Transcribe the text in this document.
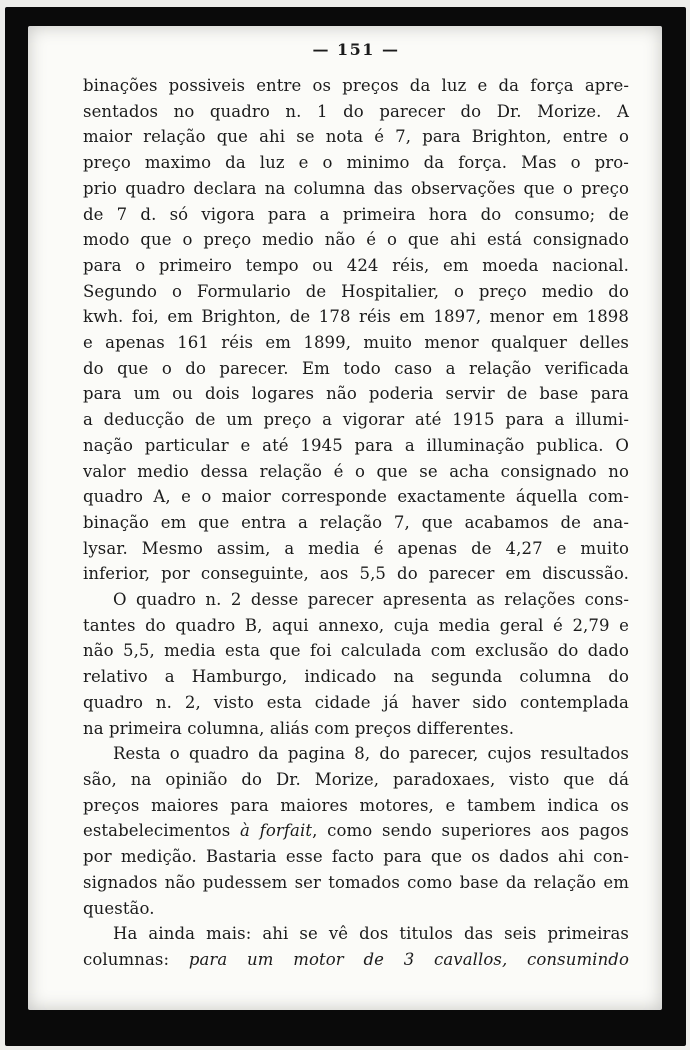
— 151 —
binações possiveis entre os preços da luz e da força apre-
sentados no quadro n. 1 do parecer do Dr. Morize. A
maior relação que ahi se nota é 7, para Brighton, entre o
preço maximo da luz e o minimo da força. Mas o pro-
prio quadro declara na columna das observações que o preço
de 7 d. só vigora para a primeira hora do consumo; de
modo que o preço medio não é o que ahi está consignado
para o primeiro tempo ou 424 réis, em moeda nacional.
Segundo o Formulario de Hospitalier, o preço medio do
kwh. foi, em Brighton, de 178 réis em 1897, menor em 1898
e apenas 161 réis em 1899, muito menor qualquer delles
do que o do parecer. Em todo caso a relação verificada
para um ou dois logares não poderia servir de base para
a deducção de um preço a vigorar até 1915 para a illumi-
nação particular e até 1945 para a illuminação publica. O
valor medio dessa relação é o que se acha consignado no
quadro A, e o maior corresponde exactamente áquella com-
binação em que entra a relação 7, que acabamos de ana-
lysar. Mesmo assim, a media é apenas de 4,27 e muito
inferior, por conseguinte, aos 5,5 do parecer em discussão.
O quadro n. 2 desse parecer apresenta as relações cons-
tantes do quadro B, aqui annexo, cuja media geral é 2,79 e
não 5,5, media esta que foi calculada com exclusão do dado
relativo a Hamburgo, indicado na segunda columna do
quadro n. 2, visto esta cidade já haver sido contemplada
na primeira columna, aliás com preços differentes.
Resta o quadro da pagina 8, do parecer, cujos resultados
são, na opinião do Dr. Morize, paradoxaes, visto que dá
preços maiores para maiores motores, e tambem indica os
estabelecimentos à forfait, como sendo superiores aos pagos
por medição. Bastaria esse facto para que os dados ahi con-
signados não pudessem ser tomados como base da relação em
questão.
Ha ainda mais: ahi se vê dos titulos das seis primeiras
columnas: para um motor de 3 cavallos, consumindo
